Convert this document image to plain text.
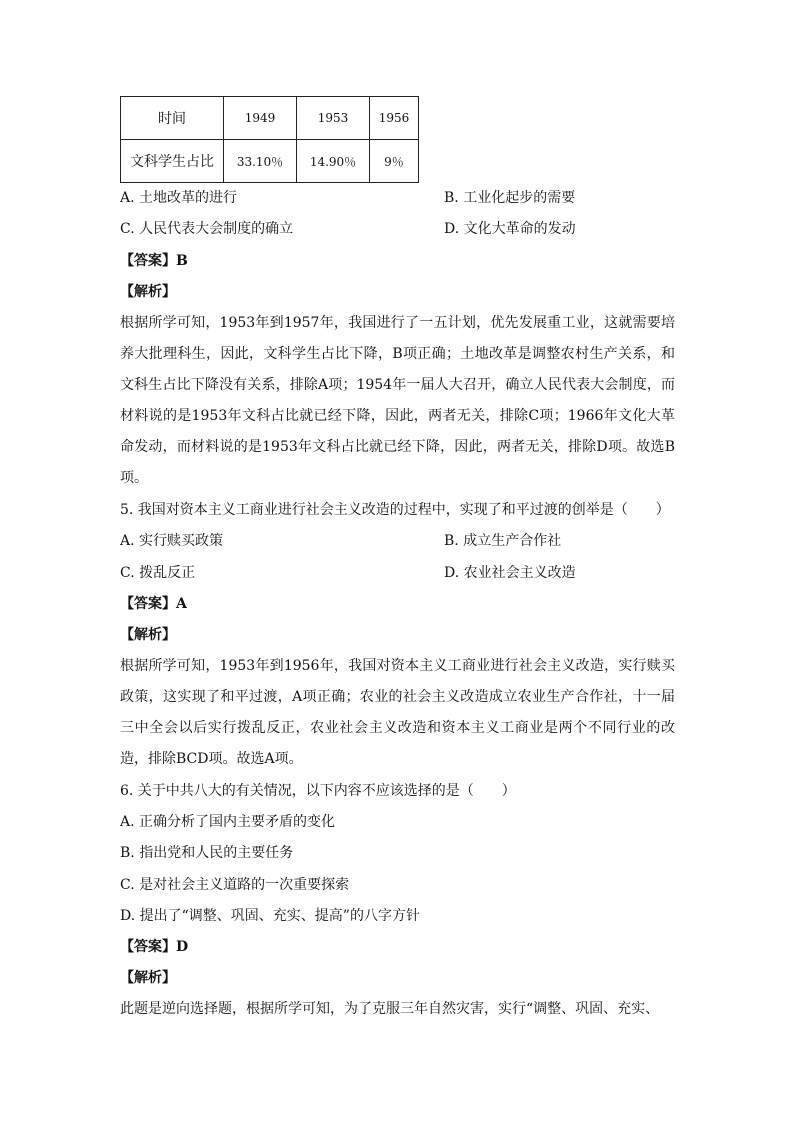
时间	1949	1953	1956
文科学生占比	33.10％	14.90％	9％
A. 土地改革的进行	B. 工业化起步的需要
C. 人民代表大会制度的确立	D. 文化大革命的发动
【答案】B
【解析】
根据所学可知，1953年到1957年，我国进行了一五计划，优先发展重工业，这就需要培养大批理科生，因此，文科学生占比下降，B项正确；土地改革是调整农村生产关系，和文科生占比下降没有关系，排除A项；1954年一届人大召开，确立人民代表大会制度，而材料说的是1953年文科占比就已经下降，因此，两者无关，排除C项；1966年文化大革命发动，而材料说的是1953年文科占比就已经下降，因此，两者无关，排除D项。故选B项。
5. 我国对资本主义工商业进行社会主义改造的过程中，实现了和平过渡的创举是（　　）
A. 实行赎买政策	B. 成立生产合作社
C. 拨乱反正	D. 农业社会主义改造
【答案】A
【解析】
根据所学可知，1953年到1956年，我国对资本主义工商业进行社会主义改造，实行赎买政策，这实现了和平过渡，A项正确；农业的社会主义改造成立农业生产合作社，十一届三中全会以后实行拨乱反正，农业社会主义改造和资本主义工商业是两个不同行业的改造，排除BCD项。故选A项。
6. 关于中共八大的有关情况，以下内容不应该选择的是（　　）
A. 正确分析了国内主要矛盾的变化
B. 指出党和人民的主要任务
C. 是对社会主义道路的一次重要探索
D. 提出了“调整、巩固、充实、提高”的八字方针
【答案】D
【解析】
此题是逆向选择题，根据所学可知，为了克服三年自然灾害，实行“调整、巩固、充实、
